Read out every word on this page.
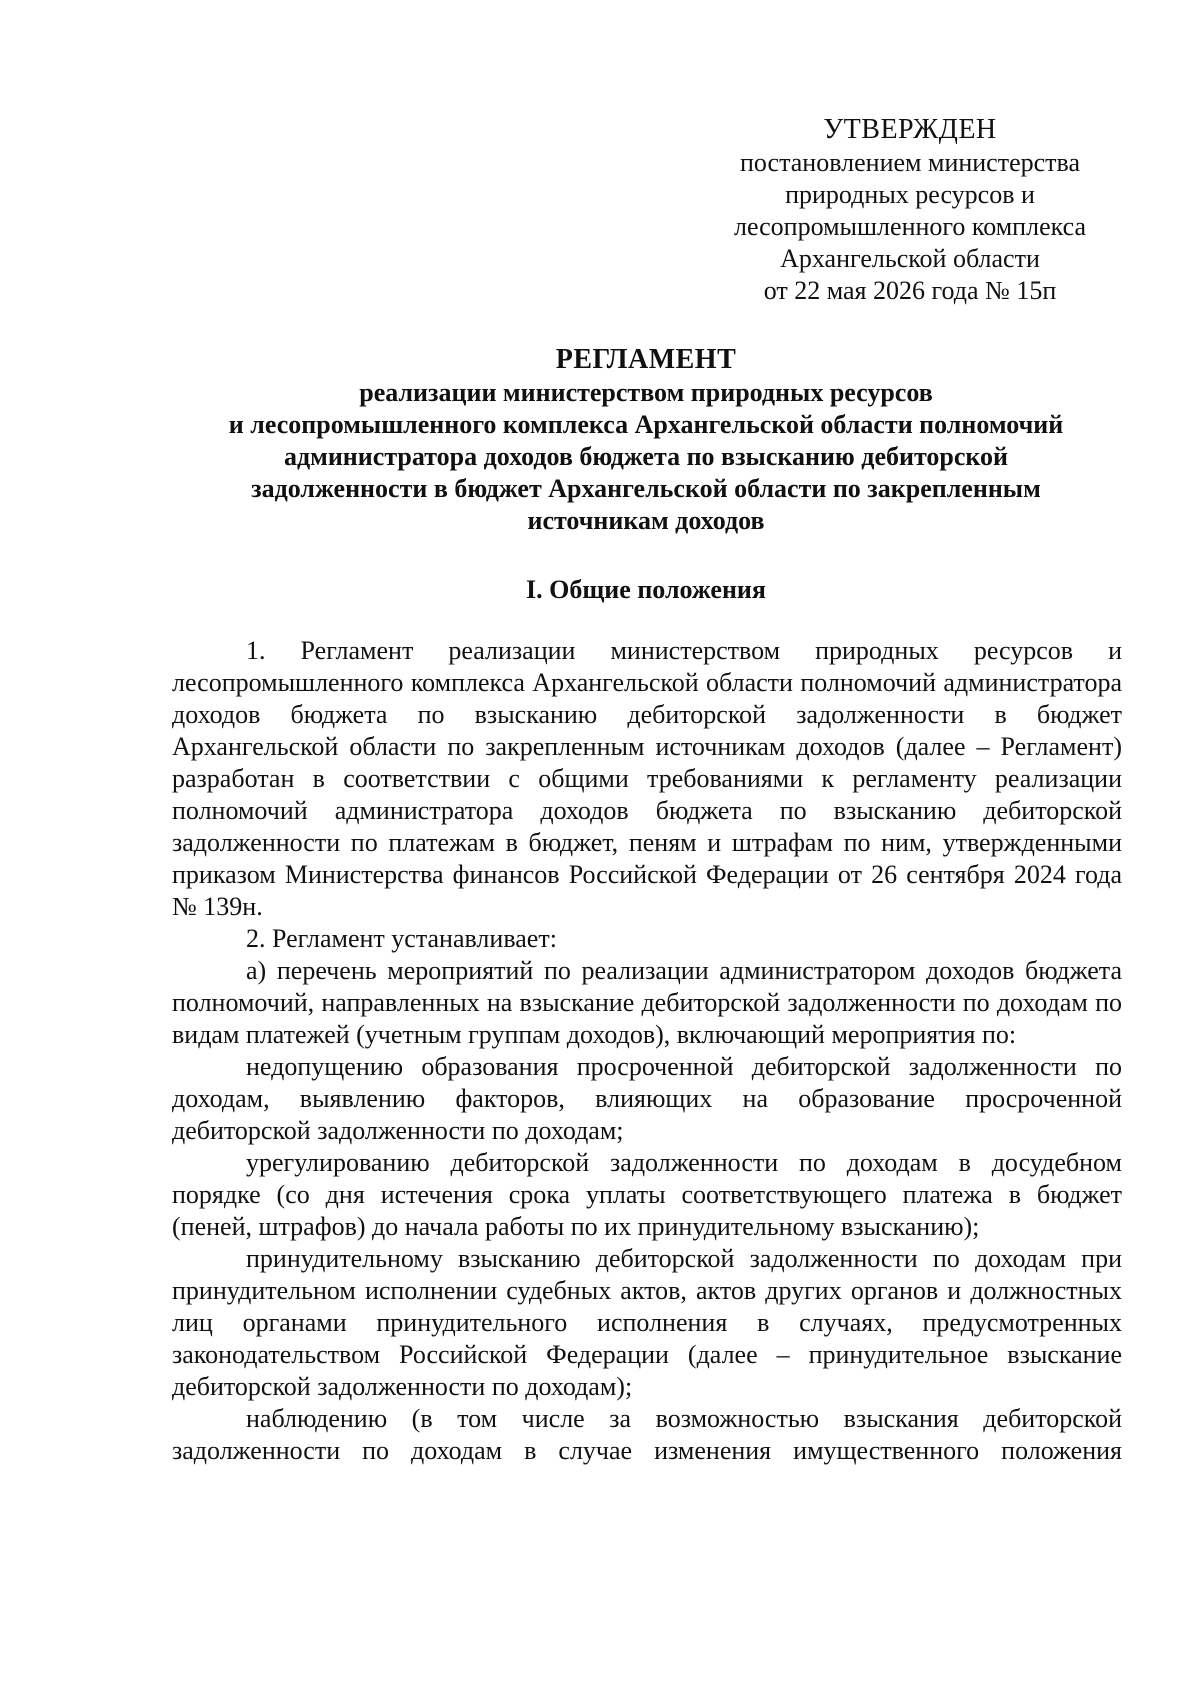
УТВЕРЖДЕН
постановлением министерства
природных ресурсов и
лесопромышленного комплекса
Архангельской области
от 22 мая 2026 года № 15п
РЕГЛАМЕНТ
реализации министерством природных ресурсов
и лесопромышленного комплекса Архангельской области полномочий
администратора доходов бюджета по взысканию дебиторской
задолженности в бюджет Архангельской области по закрепленным
источникам доходов
I. Общие положения

1. Регламент реализации министерством природных ресурсов и лесопромышленного комплекса Архангельской области полномочий администратора доходов бюджета по взысканию дебиторской задолженности в бюджет Архангельской области по закрепленным источникам доходов (далее – Регламент) разработан в соответствии с общими требованиями к регламенту реализации полномочий администратора доходов бюджета по взысканию дебиторской задолженности по платежам в бюджет, пеням и штрафам по ним, утвержденными приказом Министерства финансов Российской Федерации от 26 сентября 2024 года № 139н.

2. Регламент устанавливает:

а) перечень мероприятий по реализации администратором доходов бюджета полномочий, направленных на взыскание дебиторской задолженности по доходам по видам платежей (учетным группам доходов), включающий мероприятия по:

недопущению образования просроченной дебиторской задолженности по доходам, выявлению факторов, влияющих на образование просроченной дебиторской задолженности по доходам;

урегулированию дебиторской задолженности по доходам в досудебном порядке (со дня истечения срока уплаты соответствующего платежа в бюджет (пеней, штрафов) до начала работы по их принудительному взысканию);

принудительному взысканию дебиторской задолженности по доходам при принудительном исполнении судебных актов, актов других органов и должностных лиц органами принудительного исполнения в случаях, предусмотренных законодательством Российской Федерации (далее – принудительное взыскание дебиторской задолженности по доходам);

наблюдению (в том числе за возможностью взыскания дебиторской задолженности по доходам в случае изменения имущественного положения
